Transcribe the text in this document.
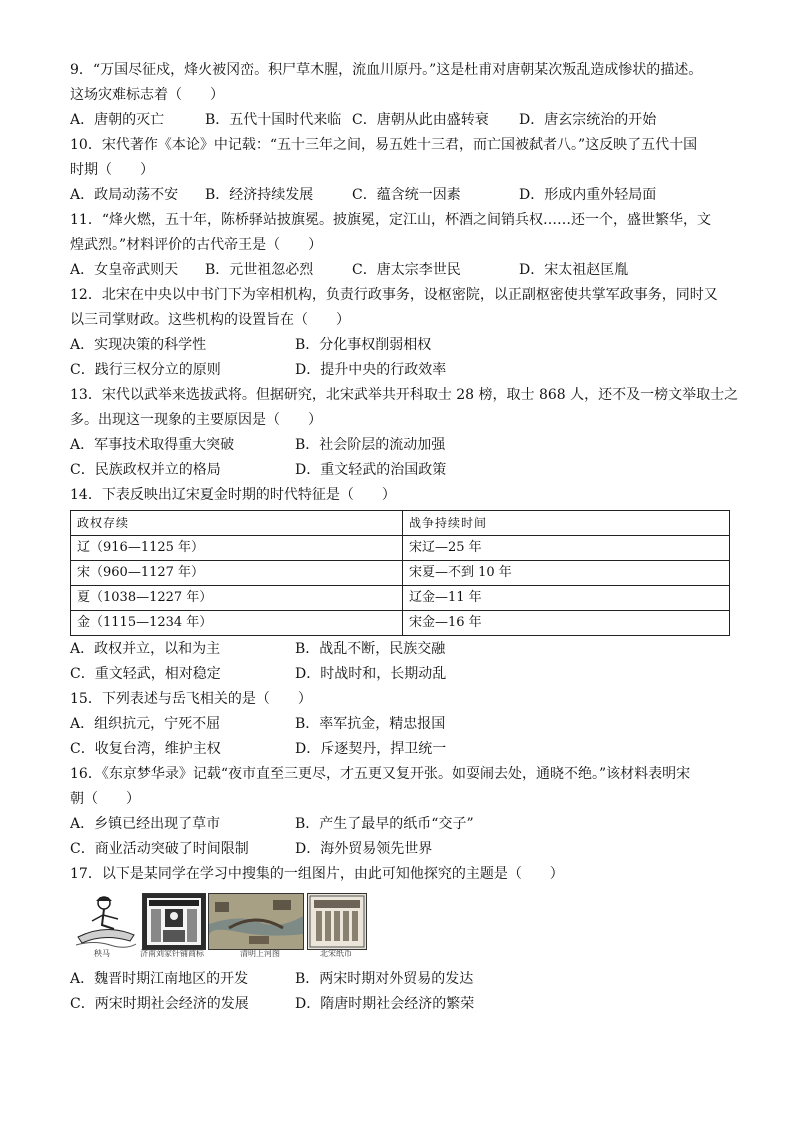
9．“万国尽征戍，烽火被冈峦。积尸草木腥，流血川原丹。”这是杜甫对唐朝某次叛乱造成惨状的描述。
这场灾难标志着（　　）
A．唐朝的灭亡	B．五代十国时代来临 C．唐朝从此由盛转衰	D．唐玄宗统治的开始
10．宋代著作《本论》中记载：“五十三年之间，易五姓十三君，而亡国被弑者八。”这反映了五代十国
时期（　　）
A．政局动荡不安	B．经济持续发展	C．蕴含统一因素	D．形成内重外轻局面
11．“烽火燃，五十年，陈桥驿站披旗冕。披旗冕，定江山，杯酒之间销兵权……还一个，盛世繁华，文
煌武烈。”材料评价的古代帝王是（　　）
A．女皇帝武则天	B．元世祖忽必烈	C．唐太宗李世民	D．宋太祖赵匡胤
12．北宋在中央以中书门下为宰相机构，负责行政事务，设枢密院，以正副枢密使共掌军政事务，同时又
以三司掌财政。这些机构的设置旨在（　　）
A．实现决策的科学性	B．分化事权削弱相权
C．践行三权分立的原则	D．提升中央的行政效率
13．宋代以武举来选拔武将。但据研究，北宋武举共开科取士 28 榜，取士 868 人，还不及一榜文举取士之
多。出现这一现象的主要原因是（　　）
A．军事技术取得重大突破	B．社会阶层的流动加强
C．民族政权并立的格局	D．重文轻武的治国政策
14．下表反映出辽宋夏金时期的时代特征是（　　）
政权存续	战争持续时间
辽（916—1125 年）	宋辽—25 年
宋（960—1127 年）	宋夏—不到 10 年
夏（1038—1227 年）	辽金—11 年
金（1115—1234 年）	宋金—16 年
A．政权并立，以和为主	B．战乱不断，民族交融
C．重文轻武，相对稳定	D．时战时和，长期动乱
15．下列表述与岳飞相关的是（　　）
A．组织抗元，宁死不屈	B．率军抗金，精忠报国
C．收复台湾，维护主权	D．斥逐契丹，捍卫统一
16．《东京梦华录》记载“夜市直至三更尽，才五更又复开张。如耍闹去处，通晓不绝。”该材料表明宋
朝（　　）
A．乡镇已经出现了草市	B．产生了最早的纸币“交子”
C．商业活动突破了时间限制	D．海外贸易领先世界
17．以下是某同学在学习中搜集的一组图片，由此可知他探究的主题是（　　）
秧马	济南刘家针铺商标	清明上河图	北宋纸币
A．魏晋时期江南地区的开发	B．两宋时期对外贸易的发达
C．两宋时期社会经济的发展	D．隋唐时期社会经济的繁荣
